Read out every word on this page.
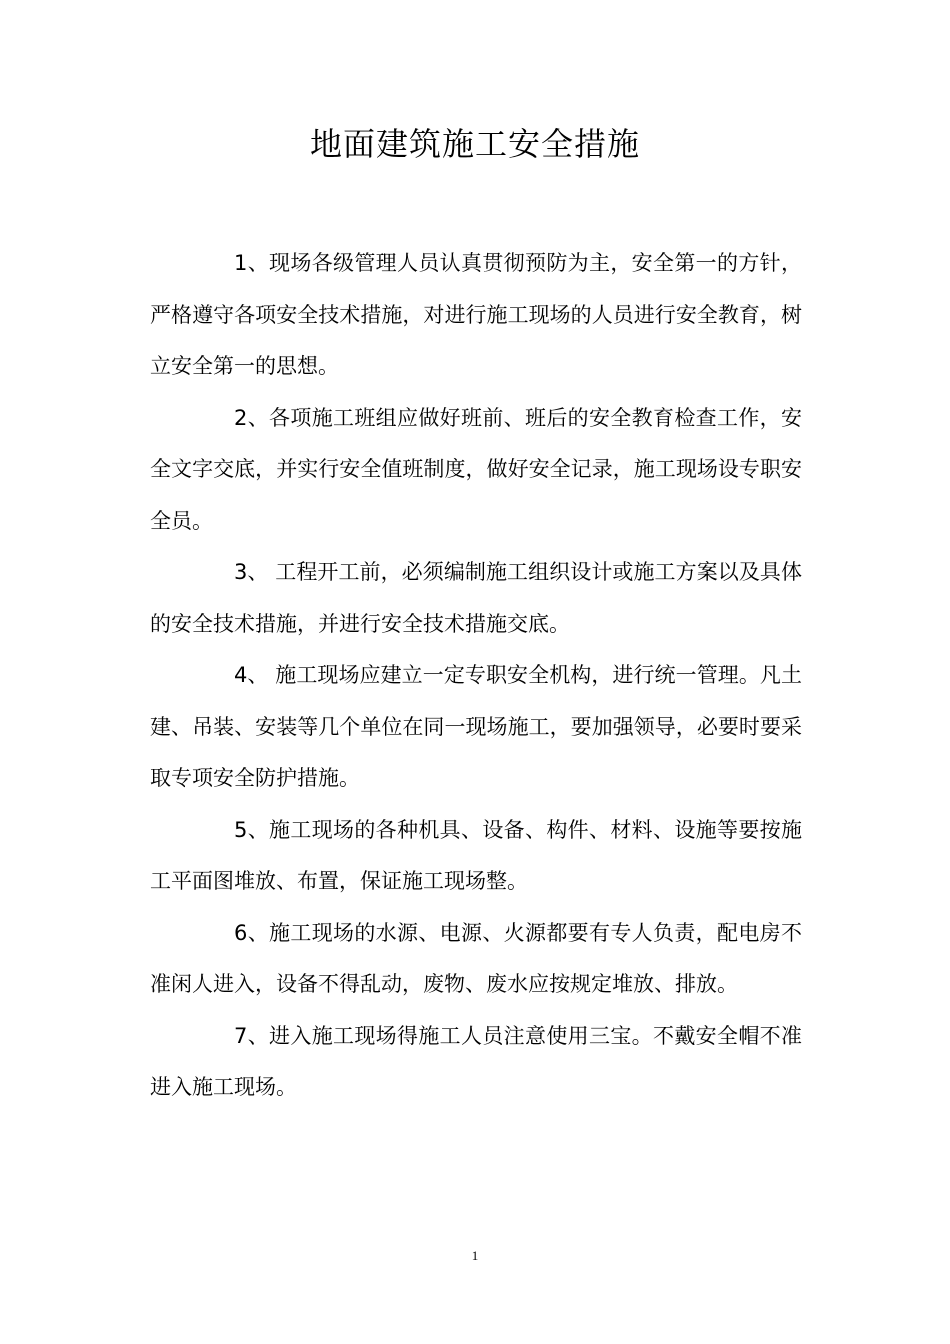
地面建筑施工安全措施

1、现场各级管理人员认真贯彻预防为主，安全第一的方针，严格遵守各项安全技术措施，对进行施工现场的人员进行安全教育，树立安全第一的思想。

2、各项施工班组应做好班前、班后的安全教育检查工作，安全文字交底，并实行安全值班制度，做好安全记录，施工现场设专职安全员。

3、 工程开工前，必须编制施工组织设计或施工方案以及具体的安全技术措施，并进行安全技术措施交底。

4、 施工现场应建立一定专职安全机构，进行统一管理。凡土建、吊装、安装等几个单位在同一现场施工，要加强领导，必要时要采取专项安全防护措施。

5、施工现场的各种机具、设备、构件、材料、设施等要按施工平面图堆放、布置，保证施工现场整。

6、施工现场的水源、电源、火源都要有专人负责，配电房不准闲人进入，设备不得乱动，废物、废水应按规定堆放、排放。

7、进入施工现场得施工人员注意使用三宝。不戴安全帽不准进入施工现场。

1
